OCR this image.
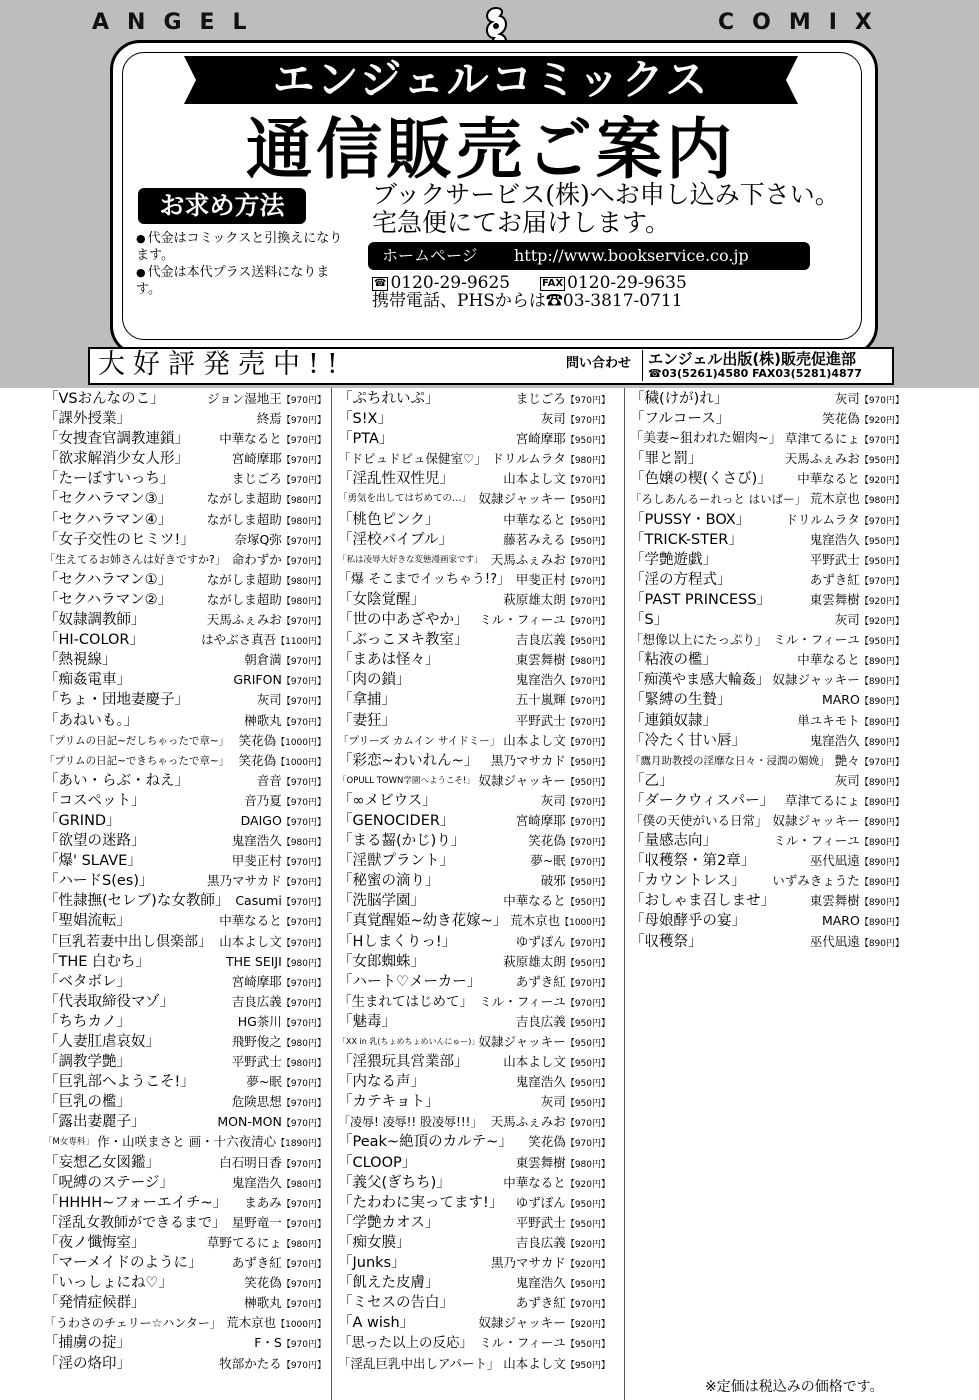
ANGEL	COMIX
エンジェルコミックス
通信販売ご案内
お求め方法
● 代金はコミックスと引換えになります。
● 代金は本代プラス送料になります。
ブックサービス(株)へお申し込み下さい。
宅急便にてお届けします。
ホームページ http://www.bookservice.co.jp
☎ 0120-29-9625	FAX 0120-29-9635
携帯電話、PHSからは☎03-3817-0711
大好評発売中!!	問い合わせ エンジェル出版(株)販売促進部
☎03(5261)4580 FAX03(5281)4877
「VSおんなのこ」	ジョン湿地王【970円】
「課外授業」	終焉【970円】
「女捜査官調教連鎖」 中華なると【970円】
「欲求解消少女人形」	宮崎摩耶【970円】
「たーぼすいっち」	まじごろ【970円】
「セクハラマン③」	ながしま超助【980円】
「セクハラマン④」	ながしま超助【980円】
「女子交性のヒミツ!」	奈塚Q弥【970円】
「生えてるお姉さんは好きですか?」 命わずか【970円】
「セクハラマン①」	ながしま超助【980円】
「セクハラマン②」	ながしま超助【980円】
「奴隷調教師」	天馬ふぇみお【970円】
「HI-COLOR」	はやぶさ真吾【1100円】
「熱視線」	朝倉満【970円】
「痴姦電車」	GRIFON【970円】
「ちょ・団地妻慶子」	灰司【970円】
「あねいも。」	榊歌丸【970円】
「プリムの日記~だしちゃったで章~」 笑花偽【1000円】
「プリムの日記~できちゃったで章~」 笑花偽【1000円】
「あい・らぶ・ねえ」	音音【970円】
「コスペット」	音乃夏【970円】
「GRIND」	DAIGO【970円】
「欲望の迷路」	鬼窪浩久【980円】
「爆' SLAVE」	甲斐正村【970円】
「ハードS(es)」	黒乃マサカド【970円】
「性隷撫(セレブ)な女教師」 Casumi【970円】
「聖娼流転」	中華なると【970円】
「巨乳若妻中出し倶楽部」 山本よし文【970円】
「THE 白むち」	THE SEIJI【980円】
「ベタボレ」	宮崎摩耶【970円】
「代表取締役マゾ」	吉良広義【970円】
「ちちカノ」	HG茶川【970円】
「人妻肛虐哀奴」	飛野俊之【980円】
「調教学艶」	平野武士【980円】
「巨乳部へようこそ!」	夢~眠【970円】
「巨乳の檻」	危険思想【970円】
「露出妻麗子」	MON-MON【970円】
「M女専科」 作・山咲まさと 画・十六夜清心【1890円】
「妄想乙女図鑑」	白石明日香【970円】
「呪縛のステージ」	鬼窪浩久【980円】
「HHHH~フォーエイチ~」 まあみ【970円】
「淫乱女教師ができるまで」 星野竜一【970円】
「夜ノ懺悔室」	草野てるにょ【980円】
「マーメイドのように」 あずき紅【970円】
「いっしょにね♡」	笑花偽【970円】
「発情症候群」	榊歌丸【970円】
「うわさのチェリー☆ハンター」 荒木京也【1000円】
「捕虜の掟」	F・S【970円】
「淫の烙印」	牧部かたる【970円】
「ぷちれいぷ」	まじごろ【970円】
「S!X」	灰司【970円】
「PTA」	宮崎摩耶【950円】
「ドピュドピュ保健室♡」 ドリルムラタ【980円】
「淫乱性双性児」	山本よし文【970円】
「勇気を出してはぢめての…」 奴隷ジャッキー【950円】
「桃色ピンク」	中華なると【950円】
「淫校バイブル」	藤茗みえる【950円】
「私は凌辱大好きな変態漫画家です」 天馬ふぇみお【970円】
「爆 そこまでイッちゃう!?」 甲斐正村【970円】
「女陰覚醒」	萩原雄太朗【970円】
「世の中あざやか」 ミル・フィーユ【970円】
「ぶっこヌキ教室」	吉良広義【950円】
「まあは怪々」	東雲舞樹【980円】
「肉の鎖」	鬼窪浩久【970円】
「拿捕」	五十嵐輝【970円】
「妻狂」	平野武士【970円】
「プリーズ カムイン サイドミー」 山本よし文【970円】
「彩恋~わいれん~」 黒乃マサカド【950円】
「OPULL TOWN学園へようこそ!」 奴隷ジャッキー【950円】
「∞メビウス」	灰司【970円】
「GENOCIDER」	宮崎摩耶【970円】
「まる齧(かじ)り」	笑花偽【970円】
「淫獣プラント」	夢~眠【970円】
「秘蜜の滴り」	破邪【950円】
「洗脳学園」	中華なると【950円】
「真覚醒姫~幼き花嫁~」 荒木京也【1000円】
「Hしまくりっ!」	ゆずぽん【970円】
「女郎蜘蛛」	萩原雄太朗【950円】
「ハート♡メーカー」	あずき紅【970円】
「生まれてはじめて」 ミル・フィーユ【970円】
「魅毒」	吉良広義【950円】
「XX in 乳(ちょめちょめいんにゅー)」 奴隷ジャッキー【950円】
「淫猥玩具営業部」	山本よし文【950円】
「内なる声」	鬼窪浩久【950円】
「カテキョト」	灰司【950円】
「凌辱! 凌辱!! 股凌辱!!!」 天馬ふぇみお【970円】
「Peak~絶頂のカルテ~」 笑花偽【970円】
「CLOOP」	東雲舞樹【980円】
「義父(ぎちち)」	中華なると【920円】
「たわわに実ってます!」 ゆずぽん【950円】
「学艶カオス」	平野武士【950円】
「痴女膜」	吉良広義【920円】
「Junks」	黒乃マサカド【920円】
「飢えた皮膚」	鬼窪浩久【950円】
「ミセスの告白」	あずき紅【970円】
「A wish」	奴隷ジャッキー【920円】
「思った以上の反応」 ミル・フィーユ【950円】
「淫乱巨乳中出しアパート」 山本よし文【950円】
「穢(けが)れ」	灰司【970円】
「フルコース」	笑花偽【920円】
「美妻~狙われた媚肉~」 草津てるにょ【970円】
「罪と罰」	天馬ふぇみお【950円】
「色嬢の楔(くさび)」 中華なると【920円】
「ろしあんるーれっと はいぱー」 荒木京也【980円】
「PUSSY・BOX」	ドリルムラタ【970円】
「TRICK-STER」	鬼窪浩久【950円】
「学艶遊戯」	平野武士【950円】
「淫の方程式」	あずき紅【970円】
「PAST PRINCESS」	東雲舞樹【920円】
「S」	灰司【920円】
「想像以上にたっぷり」 ミル・フィーユ【950円】
「粘液の檻」	中華なると【890円】
「痴漢やま感大輪姦」 奴隷ジャッキー【890円】
「緊縛の生贄」	MARO【890円】
「連鎖奴隷」	単ユキモト【890円】
「冷たく甘い唇」	鬼窪浩久【890円】
「鷹月助教授の淫靡な日々・浸潤の媚娩」 艶々【970円】
「乙」	灰司【890円】
「ダークウィスパー」 草津てるにょ【890円】
「僕の天使がいる日常」 奴隷ジャッキー【890円】
「量感志向」	ミル・フィーユ【890円】
「収穫祭・第2章」	巫代凪遠【890円】
「カウントレス」 いずみきょうた【890円】
「おしゃま召しませ」	東雲舞樹【890円】
「母娘酵乎の宴」	MARO【890円】
「収穫祭」	巫代凪遠【890円】
※定価は税込みの価格です。
